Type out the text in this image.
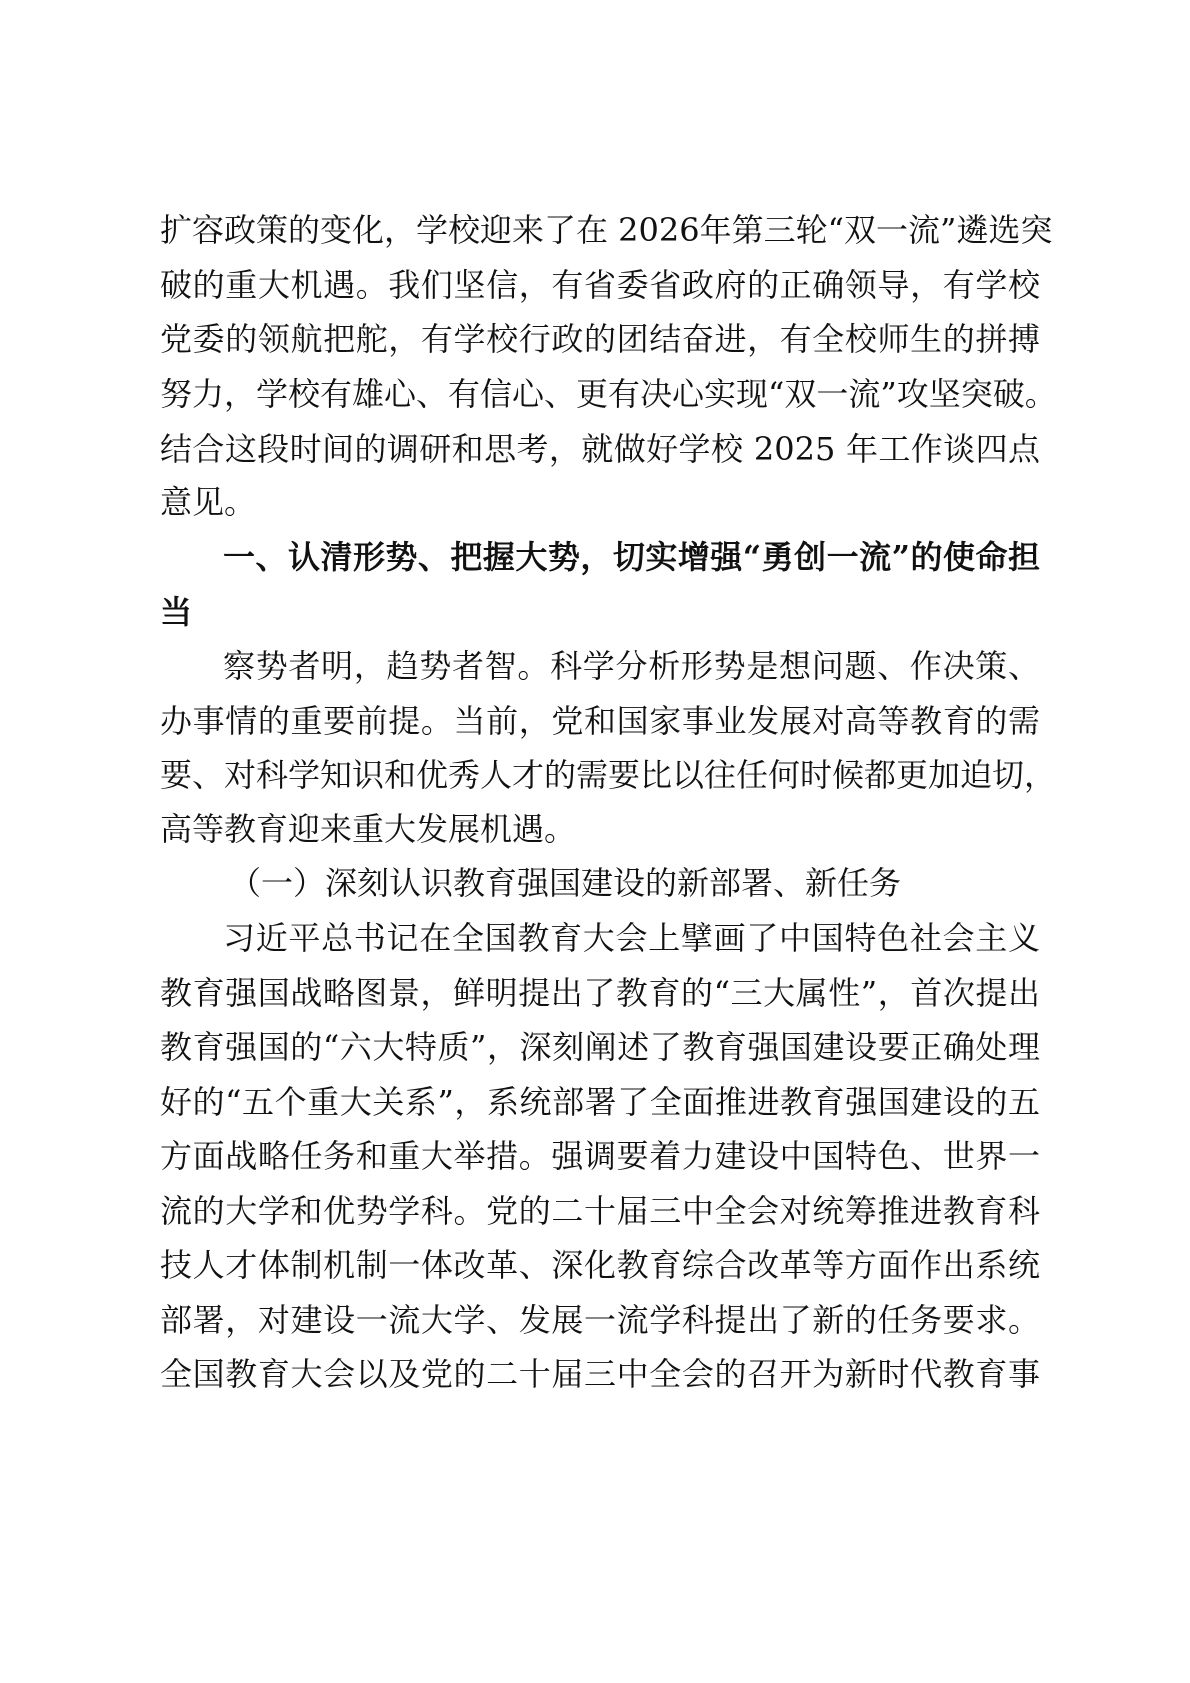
扩容政策的变化，学校迎来了在 2026年第三轮“双一流”遴选突
破的重大机遇。我们坚信，有省委省政府的正确领导，有学校
党委的领航把舵，有学校行政的团结奋进，有全校师生的拼搏
努力，学校有雄心、有信心、更有决心实现“双一流”攻坚突破。
结合这段时间的调研和思考，就做好学校 2025 年工作谈四点
意见。
一、认清形势、把握大势，切实增强“勇创一流”的使命担
当
察势者明，趋势者智。科学分析形势是想问题、作决策、
办事情的重要前提。当前，党和国家事业发展对高等教育的需
要、对科学知识和优秀人才的需要比以往任何时候都更加迫切，
高等教育迎来重大发展机遇。
（一）深刻认识教育强国建设的新部署、新任务
习近平总书记在全国教育大会上擘画了中国特色社会主义
教育强国战略图景，鲜明提出了教育的“三大属性”，首次提出
教育强国的“六大特质”，深刻阐述了教育强国建设要正确处理
好的“五个重大关系”，系统部署了全面推进教育强国建设的五
方面战略任务和重大举措。强调要着力建设中国特色、世界一
流的大学和优势学科。党的二十届三中全会对统筹推进教育科
技人才体制机制一体改革、深化教育综合改革等方面作出系统
部署，对建设一流大学、发展一流学科提出了新的任务要求。
全国教育大会以及党的二十届三中全会的召开为新时代教育事
